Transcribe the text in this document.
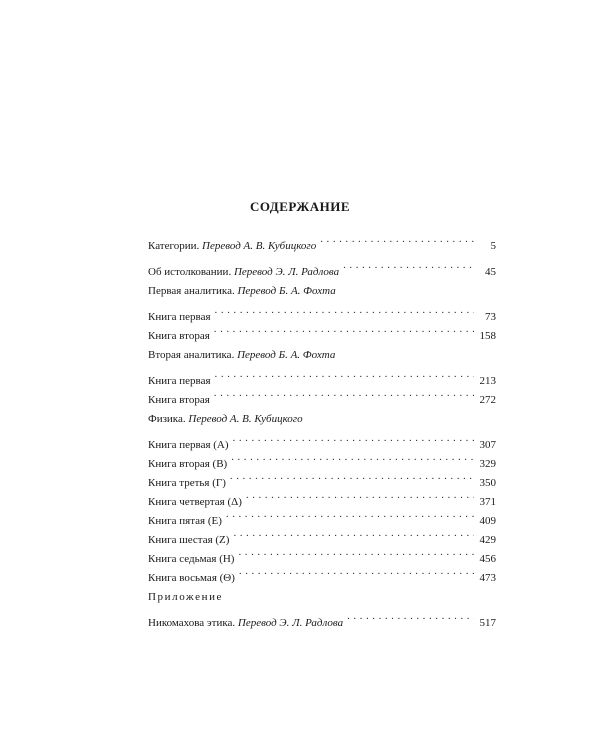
СОДЕРЖАНИЕ
Категории. Перевод А. В. Кубицкого . . .	5
Об истолковании. Перевод Э. Л. Радлова . . .	45
Первая аналитика. Перевод Б. А. Фохта
Книга первая . . .	73
Книга вторая . . .	158
Вторая аналитика. Перевод Б. А. Фохта
Книга первая . . .	213
Книга вторая . . .	272
Физика. Перевод А. В. Кубицкого
Книга первая (А) . . .	307
Книга вторая (В) . . .	329
Книга третья (Г) . . .	350
Книга четвертая (Δ) . . .	371
Книга пятая (Е) . . .	409
Книга шестая (Z) . . .	429
Книга седьмая (Н) . . .	456
Книга восьмая (Θ) . . .	473
Приложение
Никомахова этика. Перевод Э. Л. Радлова . . .	517
